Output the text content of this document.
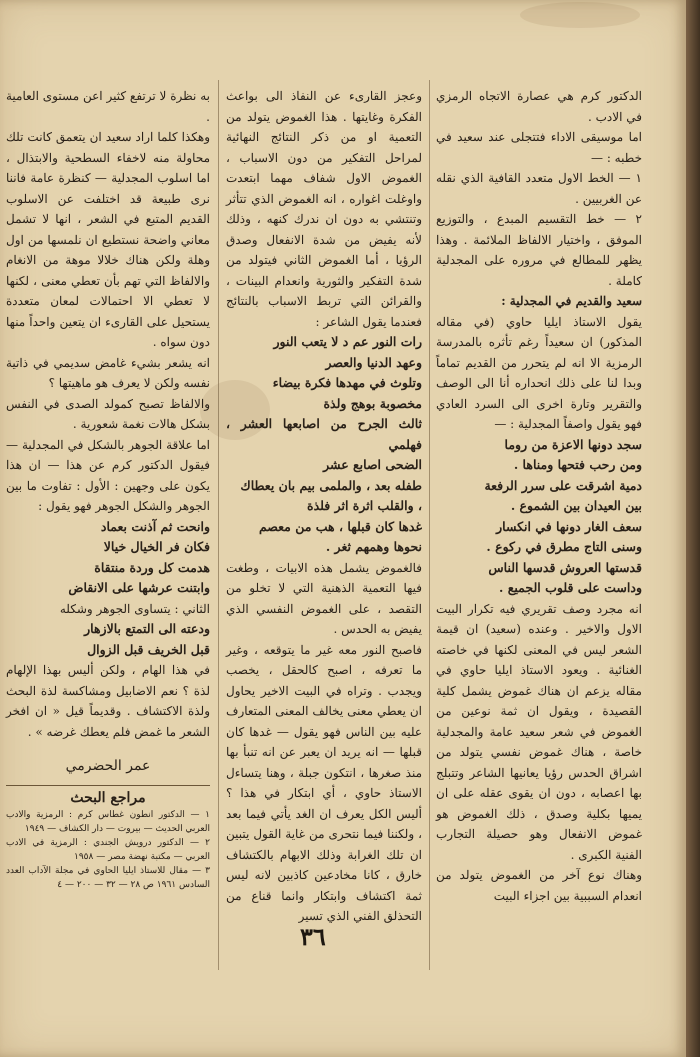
الدكتور كرم هي عصارة الاتجاه الرمزي في الادب .

اما موسيقى الاداء فتتجلى عند سعيد في خطبه : —

١ — الخط الاول متعدد القافية الذي نقله عن الغربيين .

٢ — خط التقسيم المبدع ، والتوزيع الموفق ، واختيار الالفاظ الملائمة . وهذا يظهر للمطالع في مروره على المجدلية كاملة .

سعيد والقديم في المجدلية :

يقول الاستاذ ايليا حاوي (في مقاله المذكور) ان سعيداً رغم تأثره بالمدرسة الرمزية الا انه لم يتحرر من القديم تماماً وبدا لنا على ذلك انحداره أنا الى الوصف والتقرير وتارة اخرى الى السرد العادي فهو يقول واصفاً المجدلية : —

سجد دونها الاعزة من روما

ومن رحب فتحها ومناها .

دمية اشرقت على سرر الرفعة

بين العيدان بين الشموع .

سعف الغار دونها في انكسار

وسنى التاج مطرق في ركوع .

قدستها العروش قدسها الناس

وداست على قلوب الجميع .

انه مجرد وصف تقريري فيه تكرار البيت الاول والاخير . وعنده (سعيد) ان قيمة الشعر ليس في المعنى لكنها في خاصته الغنائية . ويعود الاستاذ ايليا حاوي في مقاله يزعم ان هناك غموض يشمل كلية القصيدة ، ويقول ان ثمة نوعين من الغموض في شعر سعيد عامة والمجدلية خاصة ، هناك غموض نفسي يتولد من اشراق الحدس رؤيا يعانيها الشاعر وتتبلج بها اعصابه ، دون ان يقوى عقله على ان يميها بكلية وصدق ، ذلك الغموض هو غموض الانفعال وهو حصيلة التجارب الفنية الكبرى .

وهناك نوع آخر من الغموض يتولد من انعدام السببية بين اجزاء البيت

وعجز القارىء عن النفاذ الى بواعث الفكرة وغايتها . هذا الغموض يتولد من التعمية او من ذكر النتائج النهائية لمراحل التفكير من دون الاسباب ، الغموض الاول شفاف مهما ابتعدت واوغلت اغواره ، انه الغموض الذي تتأثر وتنتشي به دون ان ندرك كنهه ، وذلك لأنه يفيض من شدة الانفعال وصدق الرؤيا ، أما الغموض الثاني فيتولد من شدة التفكير والثورية وانعدام البينات ، والقرائن التي تربط الاسباب بالنتائج فعندما يقول الشاعر :

رات النور عم د لا يتعب النور

وعهد الدنيا والعصر

وتلوث في مهدها فكرة بيضاء

مخصوبة بوهج ولذة

ثالث الجرح من اصابعها العشر ، فهلمي

الضحى اصابع عشر

طفله بعد ، والملمى بيم بان يعطاك

، والقلب اثرة اثر فلذة

غدها كان قبلها ، هب من معصم

نحوها وهمهم ثغر .

فالغموض يشمل هذه الابيات ، وطغت فيها التعمية الذهنية التي لا تخلو من التقصد ، على الغموض النفسي الذي يفيض به الحدس .

فاصبح النور معه غير ما يتوقعه ، وغير ما تعرفه ، اصبح كالحقل ، يخصب ويجدب . وتراه في البيت الاخير يحاول ان يعطي معنى يخالف المعنى المتعارف عليه بين الناس فهو يقول — غدها كان قبلها — انه يريد ان يعبر عن انه تنبأ بها منذ صغرها ، انتكون جبلة ، وهنا يتساءل الاستاذ حاوي ، أي ابتكار في هذا ؟ أليس الكل يعرف ان الغد يأتي فيما بعد ، ولكننا فيما نتحرى من غاية القول يتبين ان تلك الغرابة وذلك الابهام بالكتشاف خارق ، كانا مخادعين كاذبين لانه ليس ثمة اكتشاف وابتكار وانما قناع من التحذلق الفني الذي تسير

به نظرة لا ترتفع كثير اعن مستوى العامية .

وهكذا كلما اراد سعيد ان يتعمق كانت تلك محاولة منه لاخفاء السطحية والابتذال ، اما اسلوب المجدلية — كنظرة عامة فاننا نرى طبيعة قد اختلفت عن الاسلوب القديم المتبع في الشعر ، انها لا تشمل معاني واضحة نستطيع ان نلمسها من اول وهلة ولكن هناك خلالا موهة من الانغام والالفاظ التي تهم بأن تعطي معنى ، لكنها لا تعطي الا احتمالات لمعان متعددة يستحيل على القارىء ان يتعين واحداً منها دون سواه .

انه يشعر بشيء غامض سديمي في ذاتية نفسه ولكن لا يعرف هو ماهيتها ؟

والالفاظ تصبح كمولد الصدى في النفس بشكل هالات نغمة شعورية .

اما علاقة الجوهر بالشكل في المجدلية — فيقول الدكتور كرم عن هذا — ان هذا يكون على وجهين : الأول : تفاوت ما بين الجوهر والشكل الجوهر فهو يقول :

وانحت ثم آذنت بعماد

فكان فر الخيال خيالا

هدمت كل وردة منتقاة

وابتنت عرشها على الانقاض

الثاني : يتساوى الجوهر وشكله

ودعته الى التمتع بالازهار

قبل الخريف قبل الزوال

في هذا الهام ، ولكن أليس بهذا الإلهام لذة ؟ نعم الاضابيل ومشاكسة لذة البحث ولذة الاكتشاف . وقديماً قيل « ان افخر الشعر ما غمض فلم يعطك غرضه » .

عمر الحضرمي

مراجع البحث

١ — الدكتور انطون غطاس كرم : الرمزية والادب العربي الحديث — بيروت — دار الكشاف — ١٩٤٩

٢ — الدكتور درويش الجندي : الرمزية في الادب العربي — مكتبة نهضة مصر — ١٩٥٨

٣ — مقال للاستاذ ايليا الحاوي في مجلة الآداب العدد السادس ١٩٦١ ص ٢٨ — ٣٢ — ٢٠٠ — ٤

٣٦
